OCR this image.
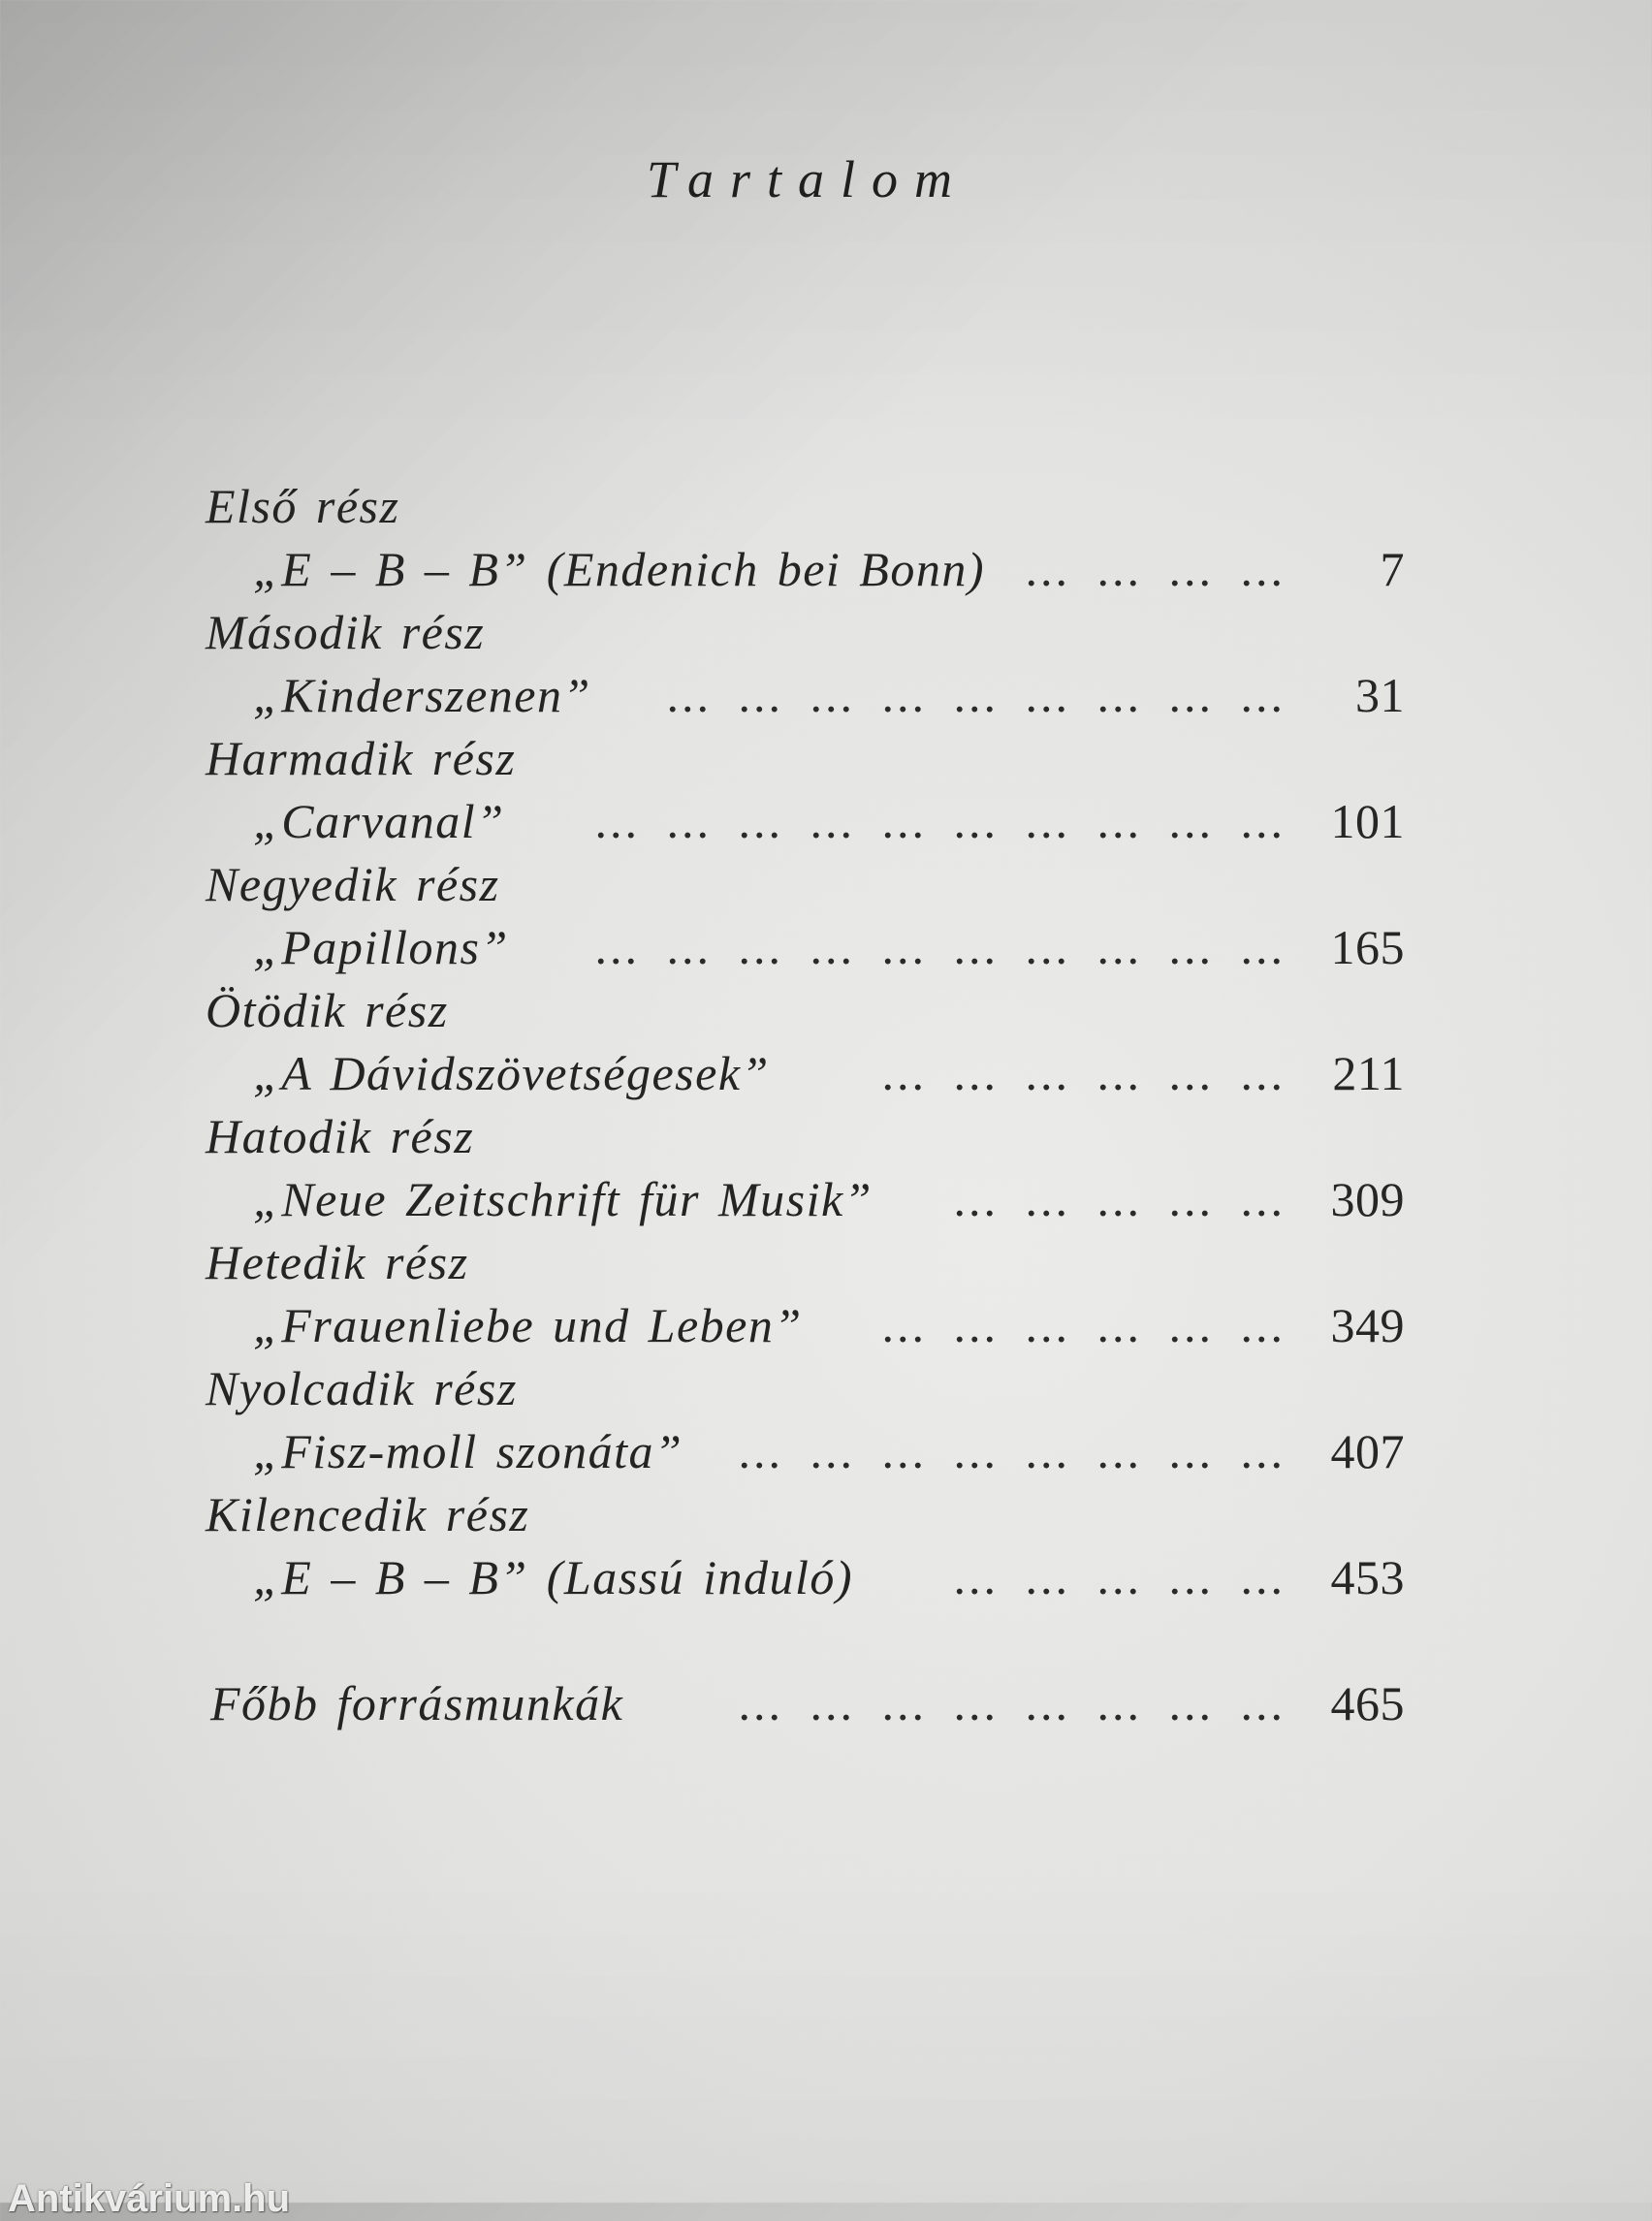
Tartalom
Első rész
„E – B – B” (Endenich bei Bonn) ... ... ... ...	7
Második rész
„Kinderszenen”	... ... ... ... ... ... ... ... ...	31
Harmadik rész
„Carvanal”	... ... ... ... ... ... ... ... ... ... 101
Negyedik rész
„Papillons”	... ... ... ... ... ... ... ... ... ... 165
Ötödik rész
„A Dávidszövetségesek”	... ... ... ... ... ... 211
Hatodik rész
„Neue Zeitschrift für Musik”	... ... ... ... ... 309
Hetedik rész
„Frauenliebe und Leben”	... ... ... ... ... ... 349
Nyolcadik rész
„Fisz-moll szonáta”	... ... ... ... ... ... ... ... 407
Kilencedik rész
„E – B – B” (Lassú induló)	... ... ... ... ... 453
Főbb forrásmunkák	... ... ... ... ... ... ... ... 465
Antikvárium.hu
